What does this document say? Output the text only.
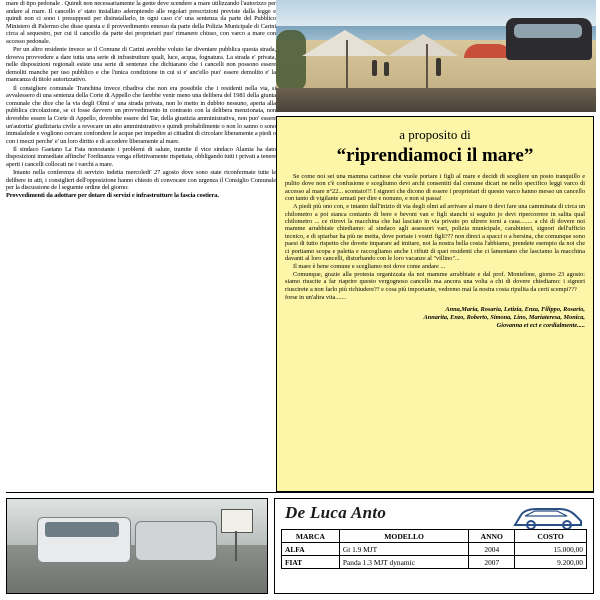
mare di tipo pedonale . Quindi non necessariamente la gente deve scendere a mare utilizzando l'autorizzo per andare al mare. Il cancello e' stato installato adempiendo alle regolari prescrizioni previste dalla legge e quindi non ci sono i presupposti per disinstallarlo, in ogni caso c'e' una sentenza da parte del Pubblico Ministero di Palermo che disse questa e il provvedimento emesso da parte della Polizia Municipale di Carini circa al sequestro, per cui il cancello da parte dei proprietari puo' rimanere chiuso, con varco a mare con accesso pedonale.

Per un altro residente invece se il Comune di Carini avrebbe voluto far diventare pubblica questa strada, doveva provvedere a dare tutta una serie di infrastrutture quali, luce, acqua, fognatura. La strada e' privata, nelle disposizioni regionali esiste una serie di sentenze che dichiarano che i cancelli non possono essere demoliti manche per uso pubblico e che l'unica condizione in cui si e' anc'ello puo' essere demolito e' la mancanza di titolo autorizzativo.

Il consigliere comunale Tranchina invece ribadiva che non era possibile che i residenti nella via, si avvalessero di una sentenza della Corte di Appello che farebbe venir meno una delibera del 1981 della giunta comunale che dice che la via degli Olmi e' una strada privata, non lo metto in dubbio nessuno, aperta alla pubblica circolazione, se ci fosse davvero un provvedimento in contrasto con la delibera menzionata, non dovrebbe essere la Corte di Appello, dovrebbe essere del Tar, della giustizia amministrativa, non puo' essere un'autorita' giudiziaria civile a revocare un atto amministrativo e quindi probabilmente o non lo sanno o sono immalafede e vogliono cercare confondere le acque per impedire ai cittadini di circolare liberamente a piedi o con i mezzi perche' e' un loro diritto e di accedere liberamente al mare.

Il sindaco Gaetano La Fata nonostante i problemi di salute, tramite il vice sindaco Alamia ha dato disposizioni immediate affinche' l'ordinanza venga effettivamente rispettata, obbligando tutti i privati a tenere aperti i cancelli collocati ne i varchi a mare.

Intanto nella conferenza di servizio indetta mercoledi' 27 agosto dove sono state riconfermate tutte le delibere in atti, i consiglieri dell'opposizione hanno chiesto di convocare con urgenza il Consiglio Comunale per la discussione de l seguente ordine del giorno:

Provvedimenti da adottare per dotare di servizi e infrastrutture la fascia costiera.

a proposito di
“riprendiamoci il mare”

Se come noi sei una mamma carinese che vuole portare i figli al mare e decidi di scegliere un posto tranquillo e pulito dove non c'è confusione e scegliumo devi archi consentiti dal comune dicari ne nello specifico leggi varco di accesso al mare n°22... scontato!!! I signori che dicono di essere i proprietari di questo varco hanno messo un cancello con tanto di vigilante armati per dire e nonuno, e non si passa!

A piedi più ono con, e intanto dall'inizio di via degli olmi ad arrivare al mare ti devi fare una camminata di circa un chilometro a poi stanca contanto di bere e bevoni van e figli stanchi si seguito jo devi ripercorrere in salita qual chilometro ... ce ritrovi la macchina che hai lasciato in via privato po ultrere torni a casa........ a chi di dovere noi mamme arrabbiate chiediamo: al sindaco agli assessori vari, polizia municipale, carabinieri, signori dell'ufficio tecnico, e di spiarbar ha più ne metta, dove portate i vostri figli??? non direci a spacci o a bersina, che comunque sono paesi di tutto rispetto che dovete imparare ad imitare, noi la nostra bella costa l'abbiamo, prendete esempio da noi che ci portiamo scopa e paletta e raccogliamo anche i rifiuti di quei residenti che ci lamentano che lasciamo la macchina davanti al loro cancelli, disturbando con le loro vacanze al "villino"...

Il mare è bene comune e scegliamo noi dove come andare ...

Comunque, grazie alla protesta organizzata da noi mamme arrabbiate e dal prof. Montelone, giorno 23 agosto: siamo riuscite a far riaprire questo vergognoso cancello ma ancora una volta a chi di dovere chiediamo: i signori riuscirete a non farlo più richiudere?? e cosa più importante, vedremo mai la nostra costa ripulita da certi scempi???

forse in un'altra vita.......

Anna,Maria, Rosaria, Letizia, Enza, Filippo, Rosario,
Annarita, Enzo, Roberto, Simona, Lino, Mariateresa, Monica,
Giovanna et ect e cordialmente.....
De Luca Anto
MARCA	MODELLO	ANNO	COSTO
ALFA	Gt 1.9 MJT	2004	15.000,00
FIAT	Panda 1.3 MJT dynamic	2007	9.200,00
